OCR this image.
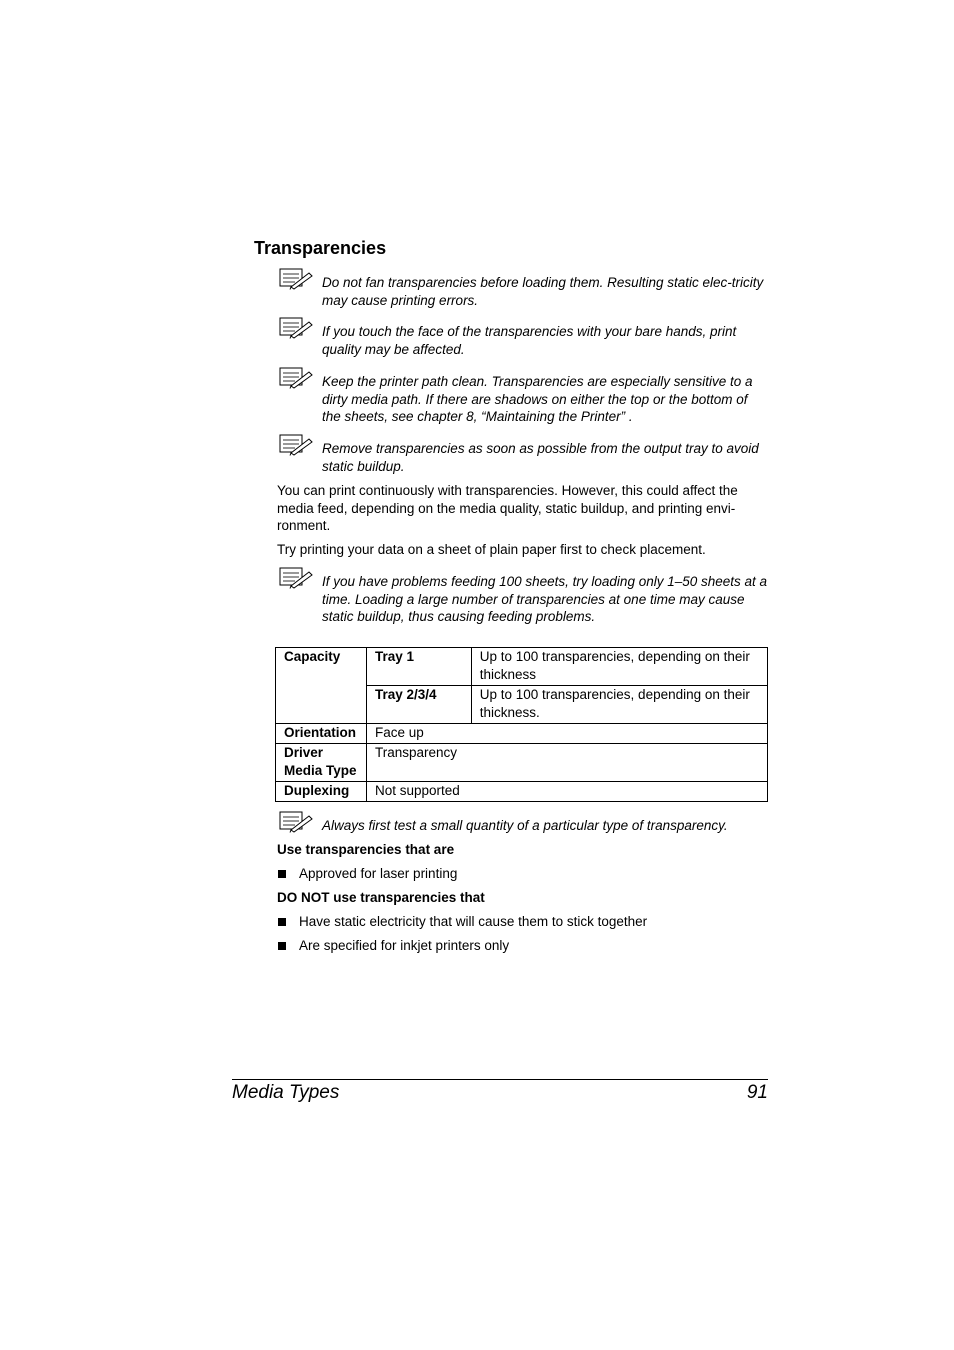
Transparencies
Do not fan transparencies before loading them. Resulting static elec-tricity may cause printing errors.
If you touch the face of the transparencies with your bare hands, print quality may be affected.
Keep the printer path clean. Transparencies are especially sensitive to a dirty media path. If there are shadows on either the top or the bottom of the sheets, see chapter 8, “Maintaining the Printer” .
Remove transparencies as soon as possible from the output tray to avoid static buildup.
You can print continuously with transparencies. However, this could affect the media feed, depending on the media quality, static buildup, and printing envi-ronment.
Try printing your data on a sheet of plain paper first to check placement.
If you have problems feeding 100 sheets, try loading only 1–50 sheets at a time. Loading a large number of transparencies at one time may cause static buildup, thus causing feeding problems.
Capacity	Tray 1	Up to 100 transparencies, depending on their thickness
	Tray 2/3/4	Up to 100 transparencies, depending on their thickness.
Orientation	Face up	
Driver Media Type	Transparency	
Duplexing	Not supported	
Always first test a small quantity of a particular type of transparency.
Use transparencies that are
Approved for laser printing
DO NOT use transparencies that
Have static electricity that will cause them to stick together
Are specified for inkjet printers only
Media Types	91
